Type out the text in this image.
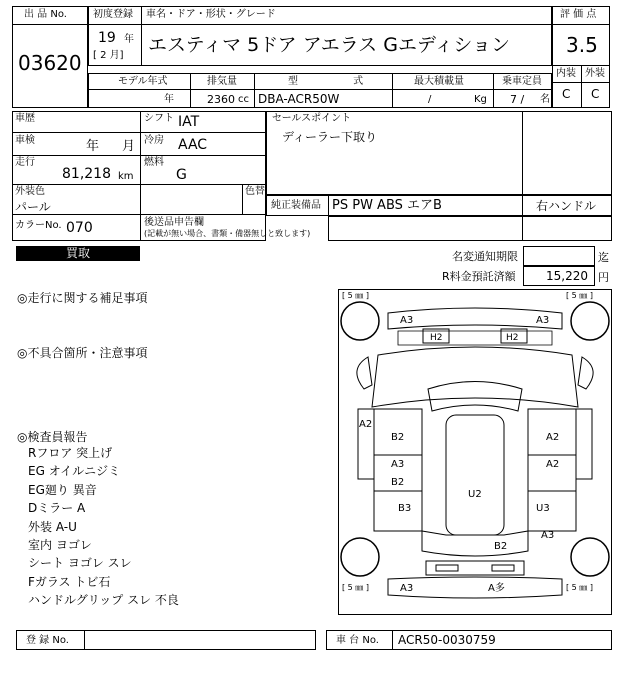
出 品 No.
03620
初度登録
19 年
[ 2 月]
車名・ドア・形状・グレード
エスティマ 5ドア アエラス Gエディション
評 価 点
3.5
内装 外装
C C
モデル年式
年
排気量
2360 cc
型 式
DBA-ACR50W
最大積載量
/	Kg
乗車定員
7 / 名
車歴	シフト IAT
車検	年 月 冷房 AAC
走行
81,218 km
燃料
G
外装色
パール
色替
カラーNo. 070	後送品申告欄
(記載が無い場合、書類・備器無しと致します)
セールスポイント
ディーラー下取り
純正装備品 PS PW ABS エアB	右ハンドル
買取	名変通知期限	迄
R料金預託済額	15,220 円
◎走行に関する補足事項
◎不具合箇所・注意事項
◎検査員報告
Rフロア 突上げ
EG オイルニジミ
EG廻り 異音
Dミラー A
外装 A-U
室内 ヨゴレ
シート ヨゴレ スレ
Fガラス トビ石
ハンドルグリップ スレ 不良
[ 5 ㎜ ]	[ 5 ㎜ ]
[ 5 ㎜ ]	[ 5 ㎜ ]
A3	A3
H2	H2
A2
B2
A3
B2
B3
U2
B2
A2
A2
U3
A3
A3	A多
登 録 No.	車 台 No. ACR50-0030759
